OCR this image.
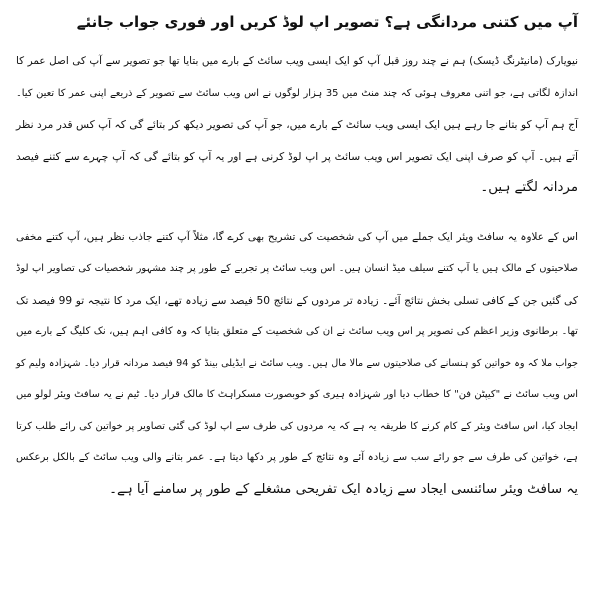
آپ میں کتنی مردانگی ہے؟ تصویر اپ لوڈ کریں اور فوری جواب جانئے
نیویارک (مانیٹرنگ ڈیسک) ہم نے چند روز قبل آپ کو ایک ایسی ویب سائٹ کے بارے میں بتایا تھا جو تصویر سے آپ کی اصل عمر کا
اندازہ لگاتی ہے، جو اتنی معروف ہوئی کہ چند منٹ میں 35 ہزار لوگوں نے اس ویب سائٹ سے تصویر کے ذریعے اپنی عمر کا تعین کیا۔
آج ہم آپ کو بتانے جا رہے ہیں ایک ایسی ویب سائٹ کے بارے میں، جو آپ کی تصویر دیکھ کر بتائے گی کہ آپ کس قدر مرد نظر
آتے ہیں۔ آپ کو صرف اپنی ایک تصویر اس ویب سائٹ پر اپ لوڈ کرنی ہے اور یہ آپ کو بتائے گی کہ آپ چہرے سے کتنے فیصد
مردانہ لگتے ہیں۔
اس کے علاوہ یہ سافٹ ویئر ایک جملے میں آپ کی شخصیت کی تشریح بھی کرے گا، مثلاً آپ کتنے جاذب نظر ہیں، آپ کتنے مخفی
صلاحیتوں کے مالک ہیں یا آپ کتنے سیلف میڈ انسان ہیں۔ اس ویب سائٹ پر تجربے کے طور پر چند مشہور شخصیات کی تصاویر اپ لوڈ
کی گئیں جن کے کافی تسلی بخش نتائج آئے۔ زیادہ تر مردوں کے نتائج 50 فیصد سے زیادہ تھے، ایک مرد کا نتیجہ تو 99 فیصد تک
تھا۔ برطانوی وزیر اعظم کی تصویر پر اس ویب سائٹ نے ان کی شخصیت کے متعلق بتایا کہ وہ کافی اہم ہیں، نک کلیگ کے بارے میں
جواب ملا کہ وہ خواتین کو ہنسانے کی صلاحیتوں سے مالا مال ہیں۔ ویب سائٹ نے ایڈیلی بینڈ کو 94 فیصد مردانہ قرار دیا۔ شہزادہ ولیم کو
اس ویب سائٹ نے "کیپٹن فن" کا خطاب دیا اور شہزادہ ہیری کو خوبصورت مسکراہٹ کا مالک قرار دیا۔ ٹیم نے یہ سافٹ ویئر لولو میں
ایجاد کیا، اس سافٹ ویئر کے کام کرنے کا طریقہ یہ ہے کہ یہ مردوں کی طرف سے اپ لوڈ کی گئی تصاویر پر خواتین کی رائے طلب کرتا
ہے، خواتین کی طرف سے جو رائے سب سے زیادہ آئے وہ نتائج کے طور پر دکھا دیتا ہے۔ عمر بتانے والی ویب سائٹ کے بالکل برعکس
یہ سافٹ ویئر سائنسی ایجاد سے زیادہ ایک تفریحی مشغلے کے طور پر سامنے آیا ہے۔
